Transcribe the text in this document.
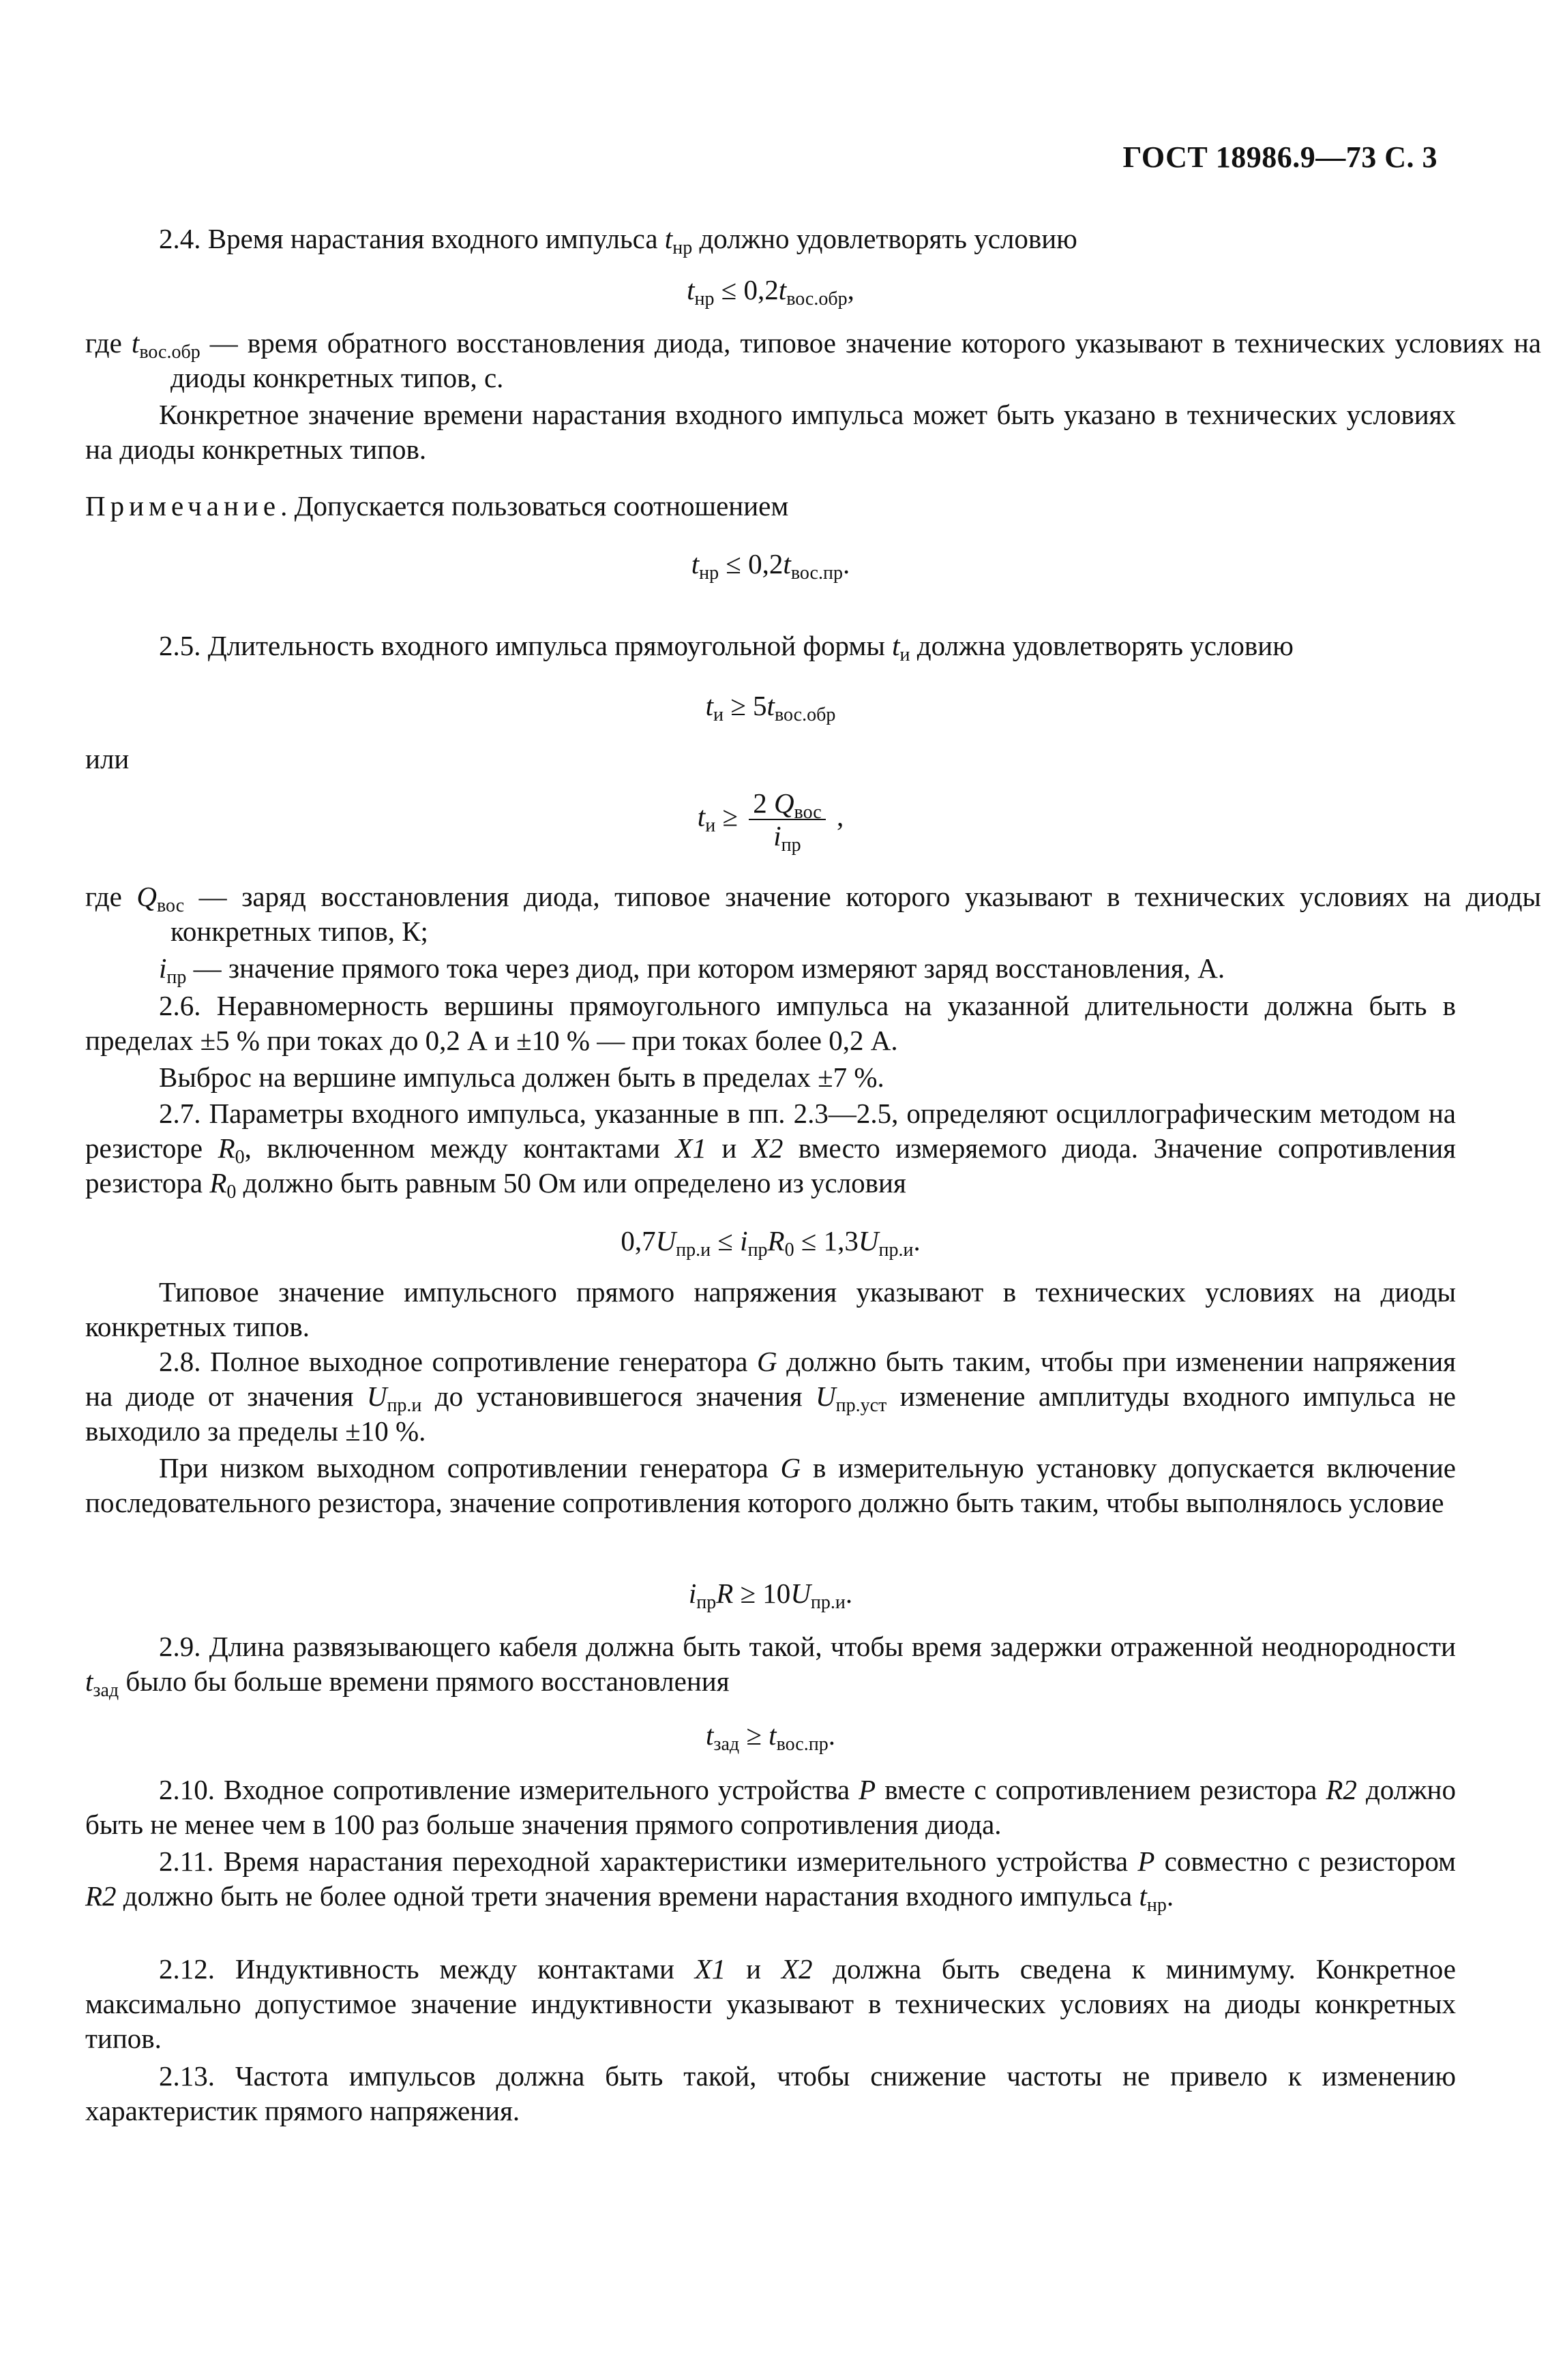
ГОСТ 18986.9—73 С. 3

2.4. Время нарастания входного импульса $t_{нр}$ должно удовлетворять условию

$t_{нр} \le 0,2t_{вос.обр}$,

где $t_{вос.обр}$ — время обратного восстановления диода, типовое значение которого указывают в технических условиях на диоды конкретных типов, с.

Конкретное значение времени нарастания входного импульса может быть указано в технических условиях на диоды конкретных типов.

Примечание. Допускается пользоваться соотношением

$t_{нр} \le 0,2t_{вос.пр}$.

2.5. Длительность входного импульса прямоугольной формы $t_и$ должна удовлетворять условию

$t_и \ge 5t_{вос.обр}$

или

$t_и \ge \frac{2 Q_{вос}}{i_{пр}}$ ,

где $Q_{вос}$ — заряд восстановления диода, типовое значение которого указывают в технических условиях на диоды конкретных типов, К;

$i_{пр}$ — значение прямого тока через диод, при котором измеряют заряд восстановления, А.

2.6. Неравномерность вершины прямоугольного импульса на указанной длительности должна быть в пределах ±5 % при токах до 0,2 А и ±10 % — при токах более 0,2 А.

Выброс на вершине импульса должен быть в пределах ±7 %.

2.7. Параметры входного импульса, указанные в пп. 2.3—2.5, определяют осциллографическим методом на резисторе $R_0$, включенном между контактами X1 и X2 вместо измеряемого диода. Значение сопротивления резистора $R_0$ должно быть равным 50 Ом или определено из условия

$0,7U_{пр.и} \le i_{пр}R_0 \le 1,3U_{пр.и}$.

Типовое значение импульсного прямого напряжения указывают в технических условиях на диоды конкретных типов.

2.8. Полное выходное сопротивление генератора G должно быть таким, чтобы при изменении напряжения на диоде от значения $U_{пр.и}$ до установившегося значения $U_{пр.уст}$ изменение амплитуды входного импульса не выходило за пределы ±10 %.

При низком выходном сопротивлении генератора G в измерительную установку допускается включение последовательного резистора, значение сопротивления которого должно быть таким, чтобы выполнялось условие

$i_{пр}R \ge 10U_{пр.и}$.

2.9. Длина развязывающего кабеля должна быть такой, чтобы время задержки отраженной неоднородности $t_{зад}$ было бы больше времени прямого восстановления

$t_{зад} \ge t_{вос.пр}$.

2.10. Входное сопротивление измерительного устройства P вместе с сопротивлением резистора R2 должно быть не менее чем в 100 раз больше значения прямого сопротивления диода.

2.11. Время нарастания переходной характеристики измерительного устройства P совместно с резистором R2 должно быть не более одной трети значения времени нарастания входного импульса $t_{нр}$.

2.12. Индуктивность между контактами X1 и X2 должна быть сведена к минимуму. Конкретное максимально допустимое значение индуктивности указывают в технических условиях на диоды конкретных типов.

2.13. Частота импульсов должна быть такой, чтобы снижение частоты не привело к изменению характеристик прямого напряжения.
